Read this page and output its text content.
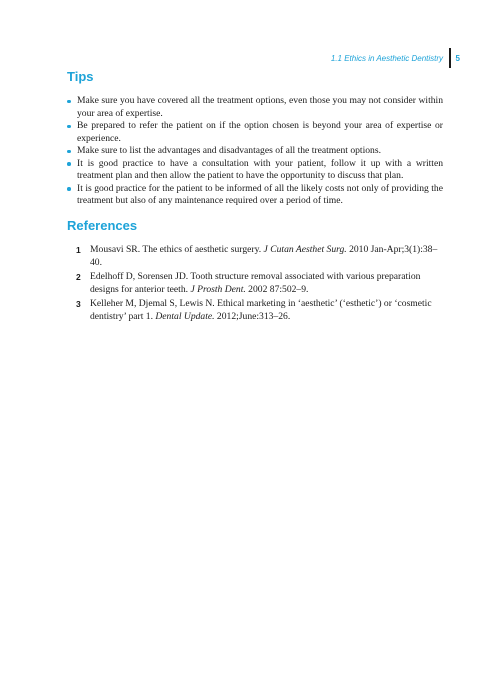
1.1 Ethics in Aesthetic Dentistry 5
Tips
Make sure you have covered all the treatment options, even those you may not consider within your area of expertise.
Be prepared to refer the patient on if the option chosen is beyond your area of expertise or experience.
Make sure to list the advantages and disadvantages of all the treatment options.
It is good practice to have a consultation with your patient, follow it up with a written treatment plan and then allow the patient to have the opportunity to discuss that plan.
It is good practice for the patient to be informed of all the likely costs not only of providing the treatment but also of any maintenance required over a period of time.
References
1 Mousavi SR. The ethics of aesthetic surgery. J Cutan Aesthet Surg. 2010 Jan-Apr;3(1):38–40.
2 Edelhoff D, Sorensen JD. Tooth structure removal associated with various preparation designs for anterior teeth. J Prosth Dent. 2002 87:502–9.
3 Kelleher M, Djemal S, Lewis N. Ethical marketing in ‘aesthetic’ (‘esthetic’) or ‘cosmetic dentistry’ part 1. Dental Update. 2012;June:313–26.
